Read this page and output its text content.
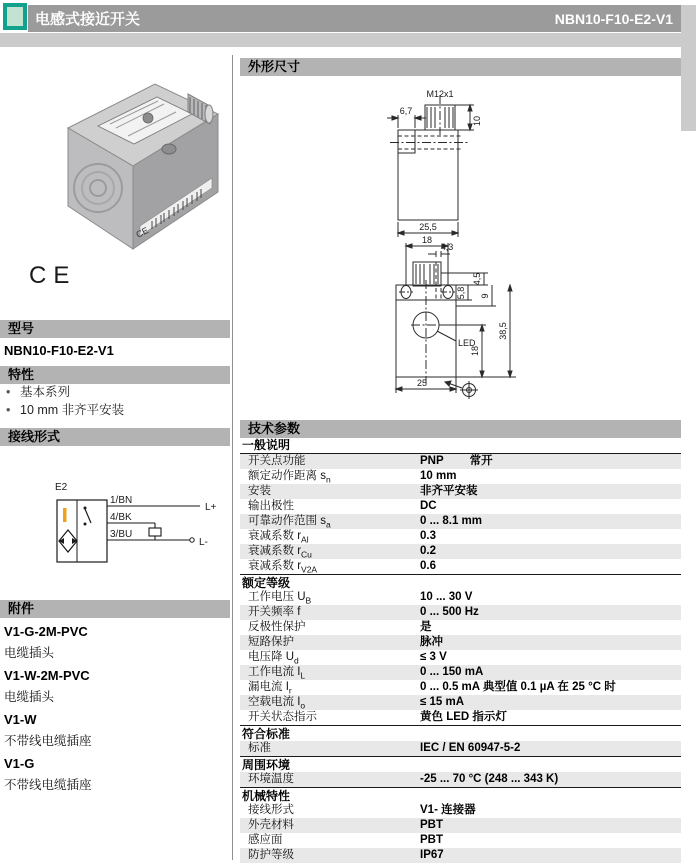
电感式接近开关	NBN10-F10-E2-V1
CE
CE
型号
NBN10-F10-E2-V1
特性
• 基本系列
• 10 mm 非齐平安装
接线形式
E2
1/BN
4/BK
3/BU
L+
L-
附件
V1-G-2M-PVC
电缆插头
V1-W-2M-PVC
电缆插头
V1-W
不带线电缆插座
V1-G
不带线电缆插座
外形尺寸
M12x1
6,7
10
25,5
18
4,3
4,5
5,8 9
38,5
18
25
LED
技术参数
一般说明
开关点功能	PNP 常开
额定动作距离 $s_n$	10 mm
安装	非齐平安装
输出极性	DC
可靠动作范围 $s_a$	0 ... 8.1 mm
衰减系数 $r_{Al}$	0.3
衰减系数 $r_{Cu}$	0.2
衰减系数 $r_{V2A}$	0.6
额定等级
工作电压 $U_B$	10 ... 30 V
开关频率 f	0 ... 500 Hz
反极性保护	是
短路保护	脉冲
电压降 $U_d$	≤ 3 V
工作电流 $I_L$	0 ... 150 mA
漏电流 $I_r$	0 ... 0.5 mA 典型值 0.1 µA 在 25 °C 时
空载电流 $I_o$	≤ 15 mA
开关状态指示	黄色 LED 指示灯
符合标准
标准	IEC / EN 60947-5-2
周围环境
环境温度	-25 ... 70 °C (248 ... 343 K)
机械特性
接线形式	V1- 连接器
外壳材料	PBT
感应面	PBT
防护等级	IP67
